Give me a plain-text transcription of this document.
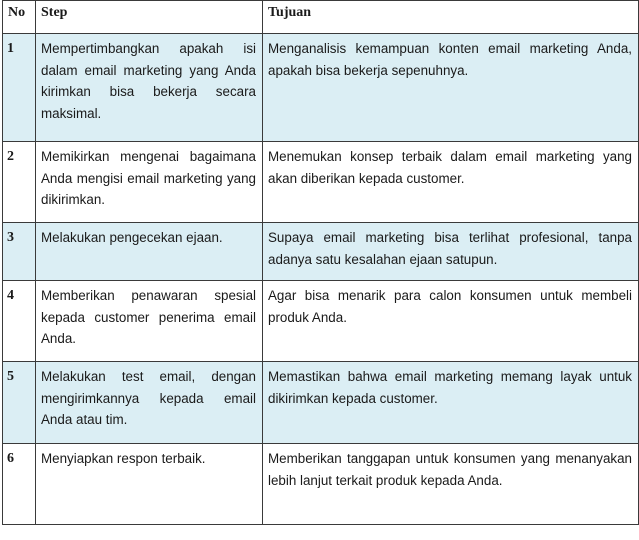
No	Step	Tujuan
1	Mempertimbangkan apakah isi dalam email marketing yang Anda kirimkan bisa bekerja secara maksimal.	Menganalisis kemampuan konten email marketing Anda, apakah bisa bekerja sepenuhnya.
2	Memikirkan mengenai bagaimana Anda mengisi email marketing yang dikirimkan.	Menemukan konsep terbaik dalam email marketing yang akan diberikan kepada customer.
3	Melakukan pengecekan ejaan.	Supaya email marketing bisa terlihat profesional, tanpa adanya satu kesalahan ejaan satupun.
4	Memberikan penawaran spesial kepada customer penerima email Anda.	Agar bisa menarik para calon konsumen untuk membeli produk Anda.
5	Melakukan test email, dengan mengirimkannya kepada email Anda atau tim.	Memastikan bahwa email marketing memang layak untuk dikirimkan kepada customer.
6	Menyiapkan respon terbaik.	Memberikan tanggapan untuk konsumen yang menanyakan lebih lanjut terkait produk kepada Anda.
